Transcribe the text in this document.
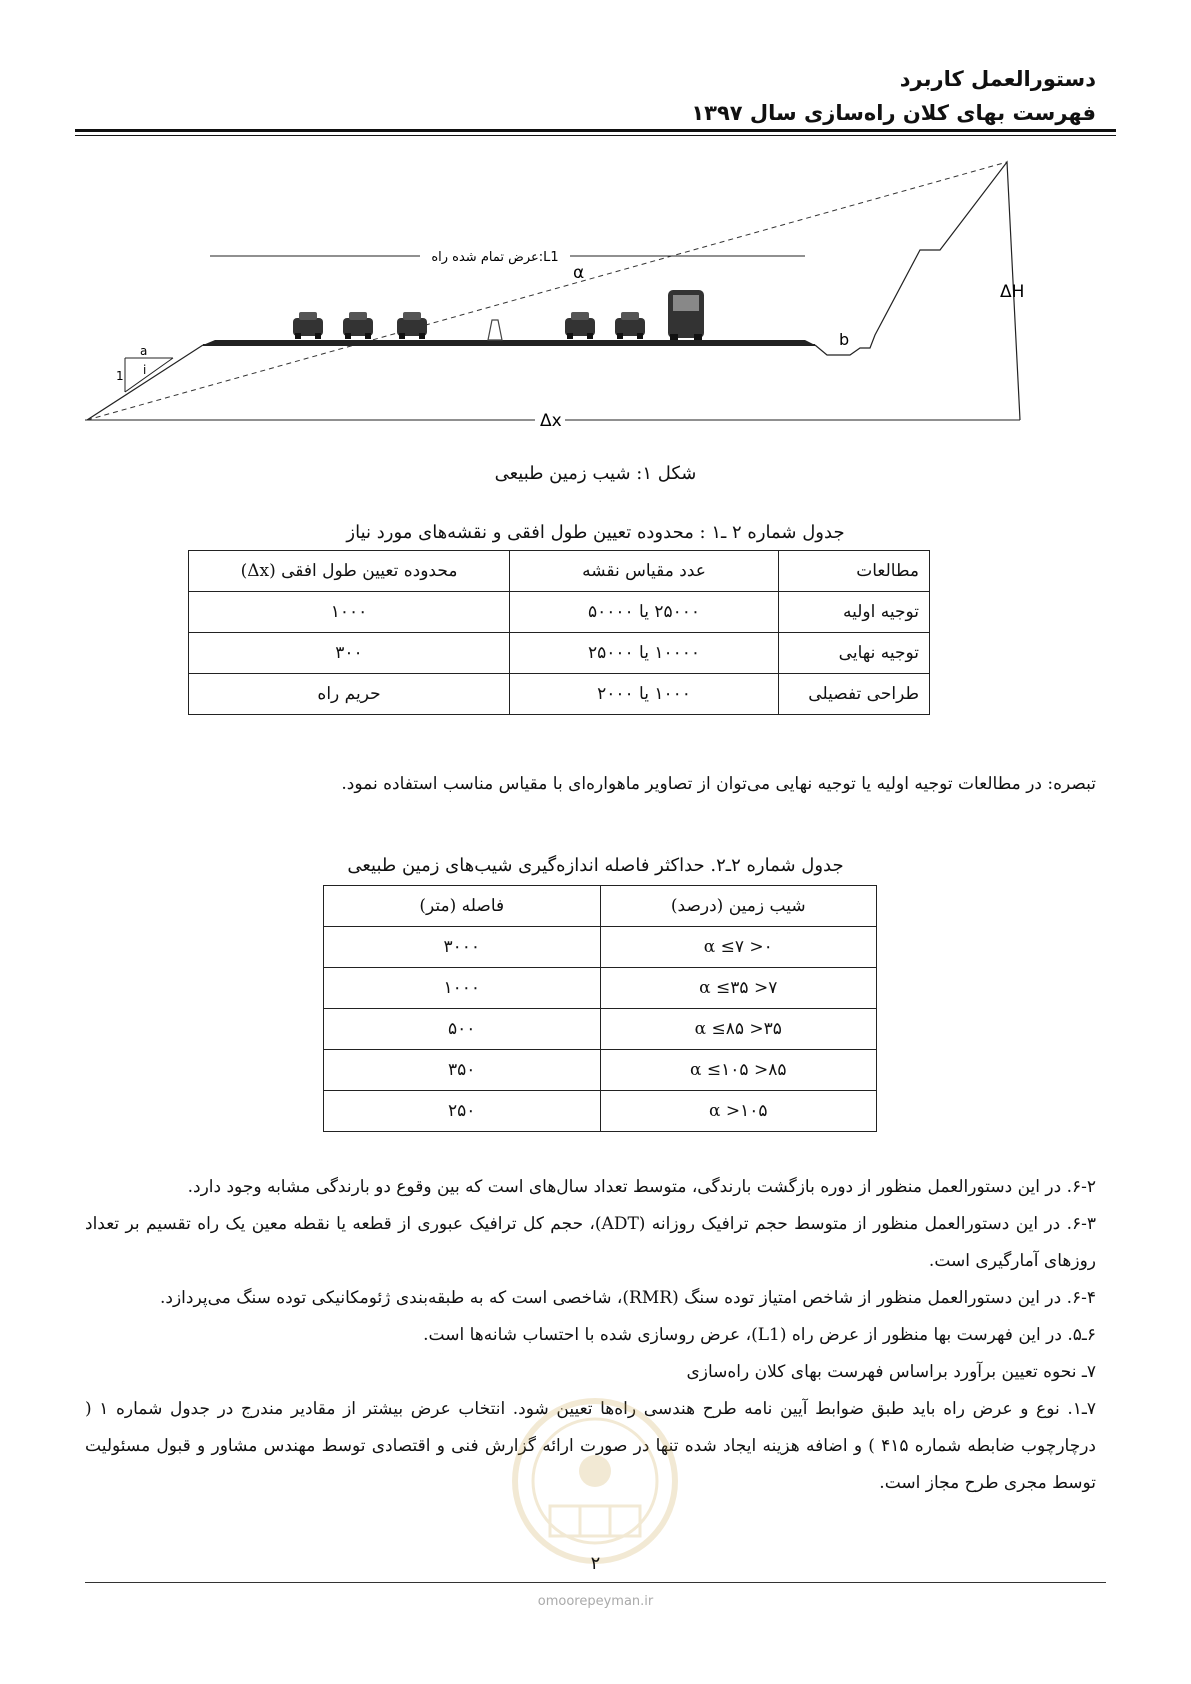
دستورالعمل کاربرد
فهرست بهای کلان راه‌سازی سال ۱۳۹۷
L1:عرض تمام شده راه
α
ΔH
Δx
b
a
i
1
شکل ۱: شیب زمین طبیعی
جدول شماره ۲ ـ۱ : محدوده تعیین طول افقی و نقشه‌های مورد نیاز
مطالعات	عدد مقیاس نقشه	محدوده تعیین طول افقی (Δx)
توجیه اولیه	۲۵۰۰۰ یا ۵۰۰۰۰	۱۰۰۰
توجیه نهایی	۱۰۰۰۰ یا ۲۵۰۰۰	۳۰۰
طراحی تفصیلی	۱۰۰۰ یا ۲۰۰۰	حریم راه
تبصره: در مطالعات توجیه اولیه یا توجیه نهایی می‌توان از تصاویر ماهواره‌ای با مقیاس مناسب استفاده نمود.
جدول شماره ۲ـ۲. حداکثر فاصله اندازه‌گیری شیب‌های زمین طبیعی
شیب زمین (درصد)	فاصله (متر)
۰< α ≤۷	۳۰۰۰
۷< α ≤۳۵	۱۰۰۰
۳۵< α ≤۸۵	۵۰۰
۸۵< α ≤۱۰۵	۳۵۰
α >۱۰۵	۲۵۰
۶-۲. در این دستورالعمل منظور از دوره بازگشت بارندگی، متوسط تعداد سال‌های است که بین وقوع دو بارندگی مشابه وجود دارد.
۶-۳. در این دستورالعمل منظور از متوسط حجم ترافیک روزانه (ADT)، حجم کل ترافیک عبوری از قطعه یا نقطه معین یک راه تقسیم بر تعداد روزهای آمارگیری است.
۶-۴. در این دستورالعمل منظور از شاخص امتیاز توده سنگ (RMR)، شاخصی است که به طبقه‌بندی ژئومکانیکی توده سنگ می‌پردازد.
۶ـ۵. در این فهرست بها منظور از عرض راه (L1)، عرض روسازی شده با احتساب شانه‌ها است.
۷ـ نحوه تعیین برآورد براساس فهرست بهای کلان راه‌سازی
۷ـ۱. نوع و عرض راه باید طبق ضوابط آیین نامه طرح هندسی راه‌ها تعیین شود. انتخاب عرض بیشتر از مقادیر مندرج در جدول شماره ۱ ( درچارچوب ضابطه شماره ۴۱۵ ) و اضافه هزینه ایجاد شده تنها در صورت ارائه گزارش فنی و اقتصادی توسط مهندس مشاور و قبول مسئولیت توسط مجری طرح مجاز است.
۲
omoorepeyman.ir
